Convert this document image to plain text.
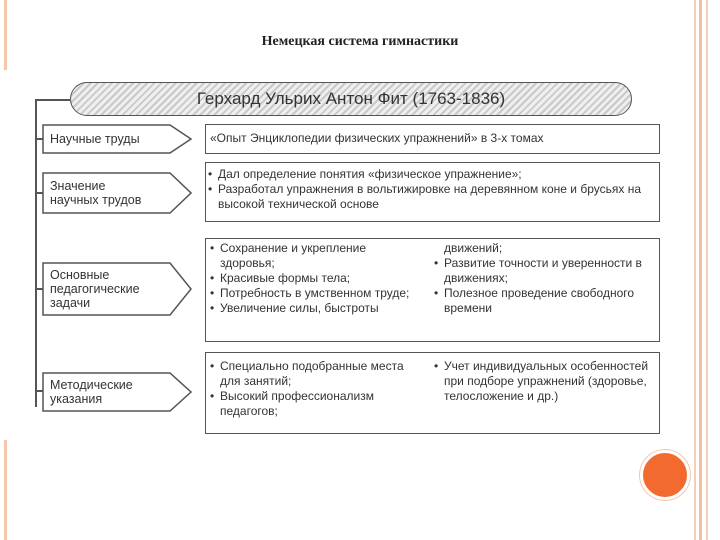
Немецкая система гимнастики
Герхард Ульрих Антон Фит (1763-1836)
Научные труды	«Опыт Энциклопедии физических упражнений» в 3-х томах
Значение
научных трудов
• Дал определение понятия «физическое упражнение»;
• Разработал упражнения в вольтижировке на деревянном коне и брусьях на высокой технической основе
Основные
педагогические
задачи
• Сохранение и укрепление здоровья;
• Красивые формы тела;
• Потребность в умственном труде;
• Увеличение силы, быстроты
движений;
• Развитие точности и уверенности в движениях;
• Полезное проведение свободного времени
Методические
указания
• Специально подобранные места для занятий;
• Высокий профессионализм педагогов;
• Учет индивидуальных особенностей при подборе упражнений (здоровье, телосложение и др.)
